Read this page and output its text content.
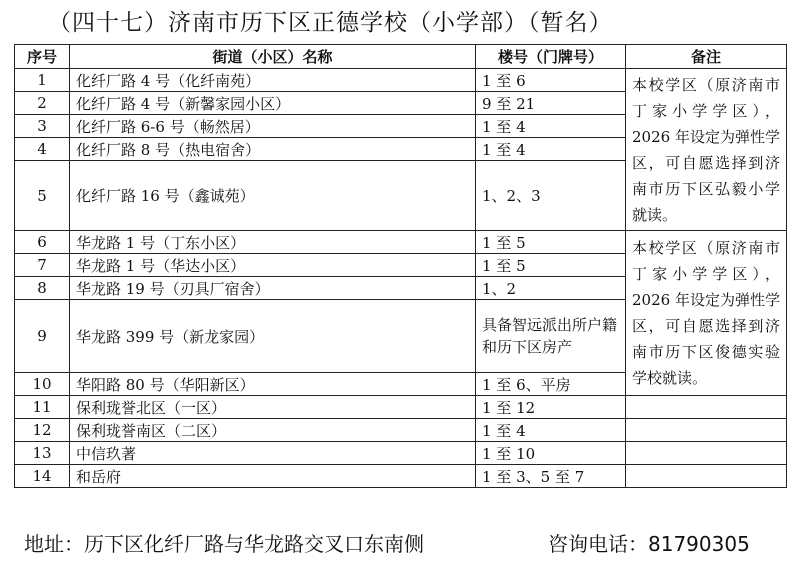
（四十七）济南市历下区正德学校（小学部）（暂名）
序号	街道（小区）名称	楼号（门牌号）	备注
1	化纤厂路 4 号（化纤南苑）	1 至 6	本校学区（原济南市丁家小学学区），2026 年设定为弹性学区，可自愿选择到济南市历下区弘毅小学就读。
2	化纤厂路 4 号（新馨家园小区）	9 至 21	
3	化纤厂路 6-6 号（畅然居）	1 至 4	
4	化纤厂路 8 号（热电宿舍）	1 至 4	
5	化纤厂路 16 号（鑫诚苑）	1、2、3	
6	华龙路 1 号（丁东小区）	1 至 5	本校学区（原济南市丁家小学学区），2026 年设定为弹性学区，可自愿选择到济南市历下区俊德实验学校就读。
7	华龙路 1 号（华达小区）	1 至 5	
8	华龙路 19 号（刃具厂宿舍）	1、2	
9	华龙路 399 号（新龙家园）	具备智远派出所户籍和历下区房产	
10	华阳路 80 号（华阳新区）	1 至 6、平房	
11	保利珑誉北区（一区）	1 至 12	
12	保利珑誉南区（二区）	1 至 4	
13	中信玖著	1 至 10	
14	和岳府	1 至 3、5 至 7	
地址：历下区化纤厂路与华龙路交叉口东南侧	咨询电话：81790305
